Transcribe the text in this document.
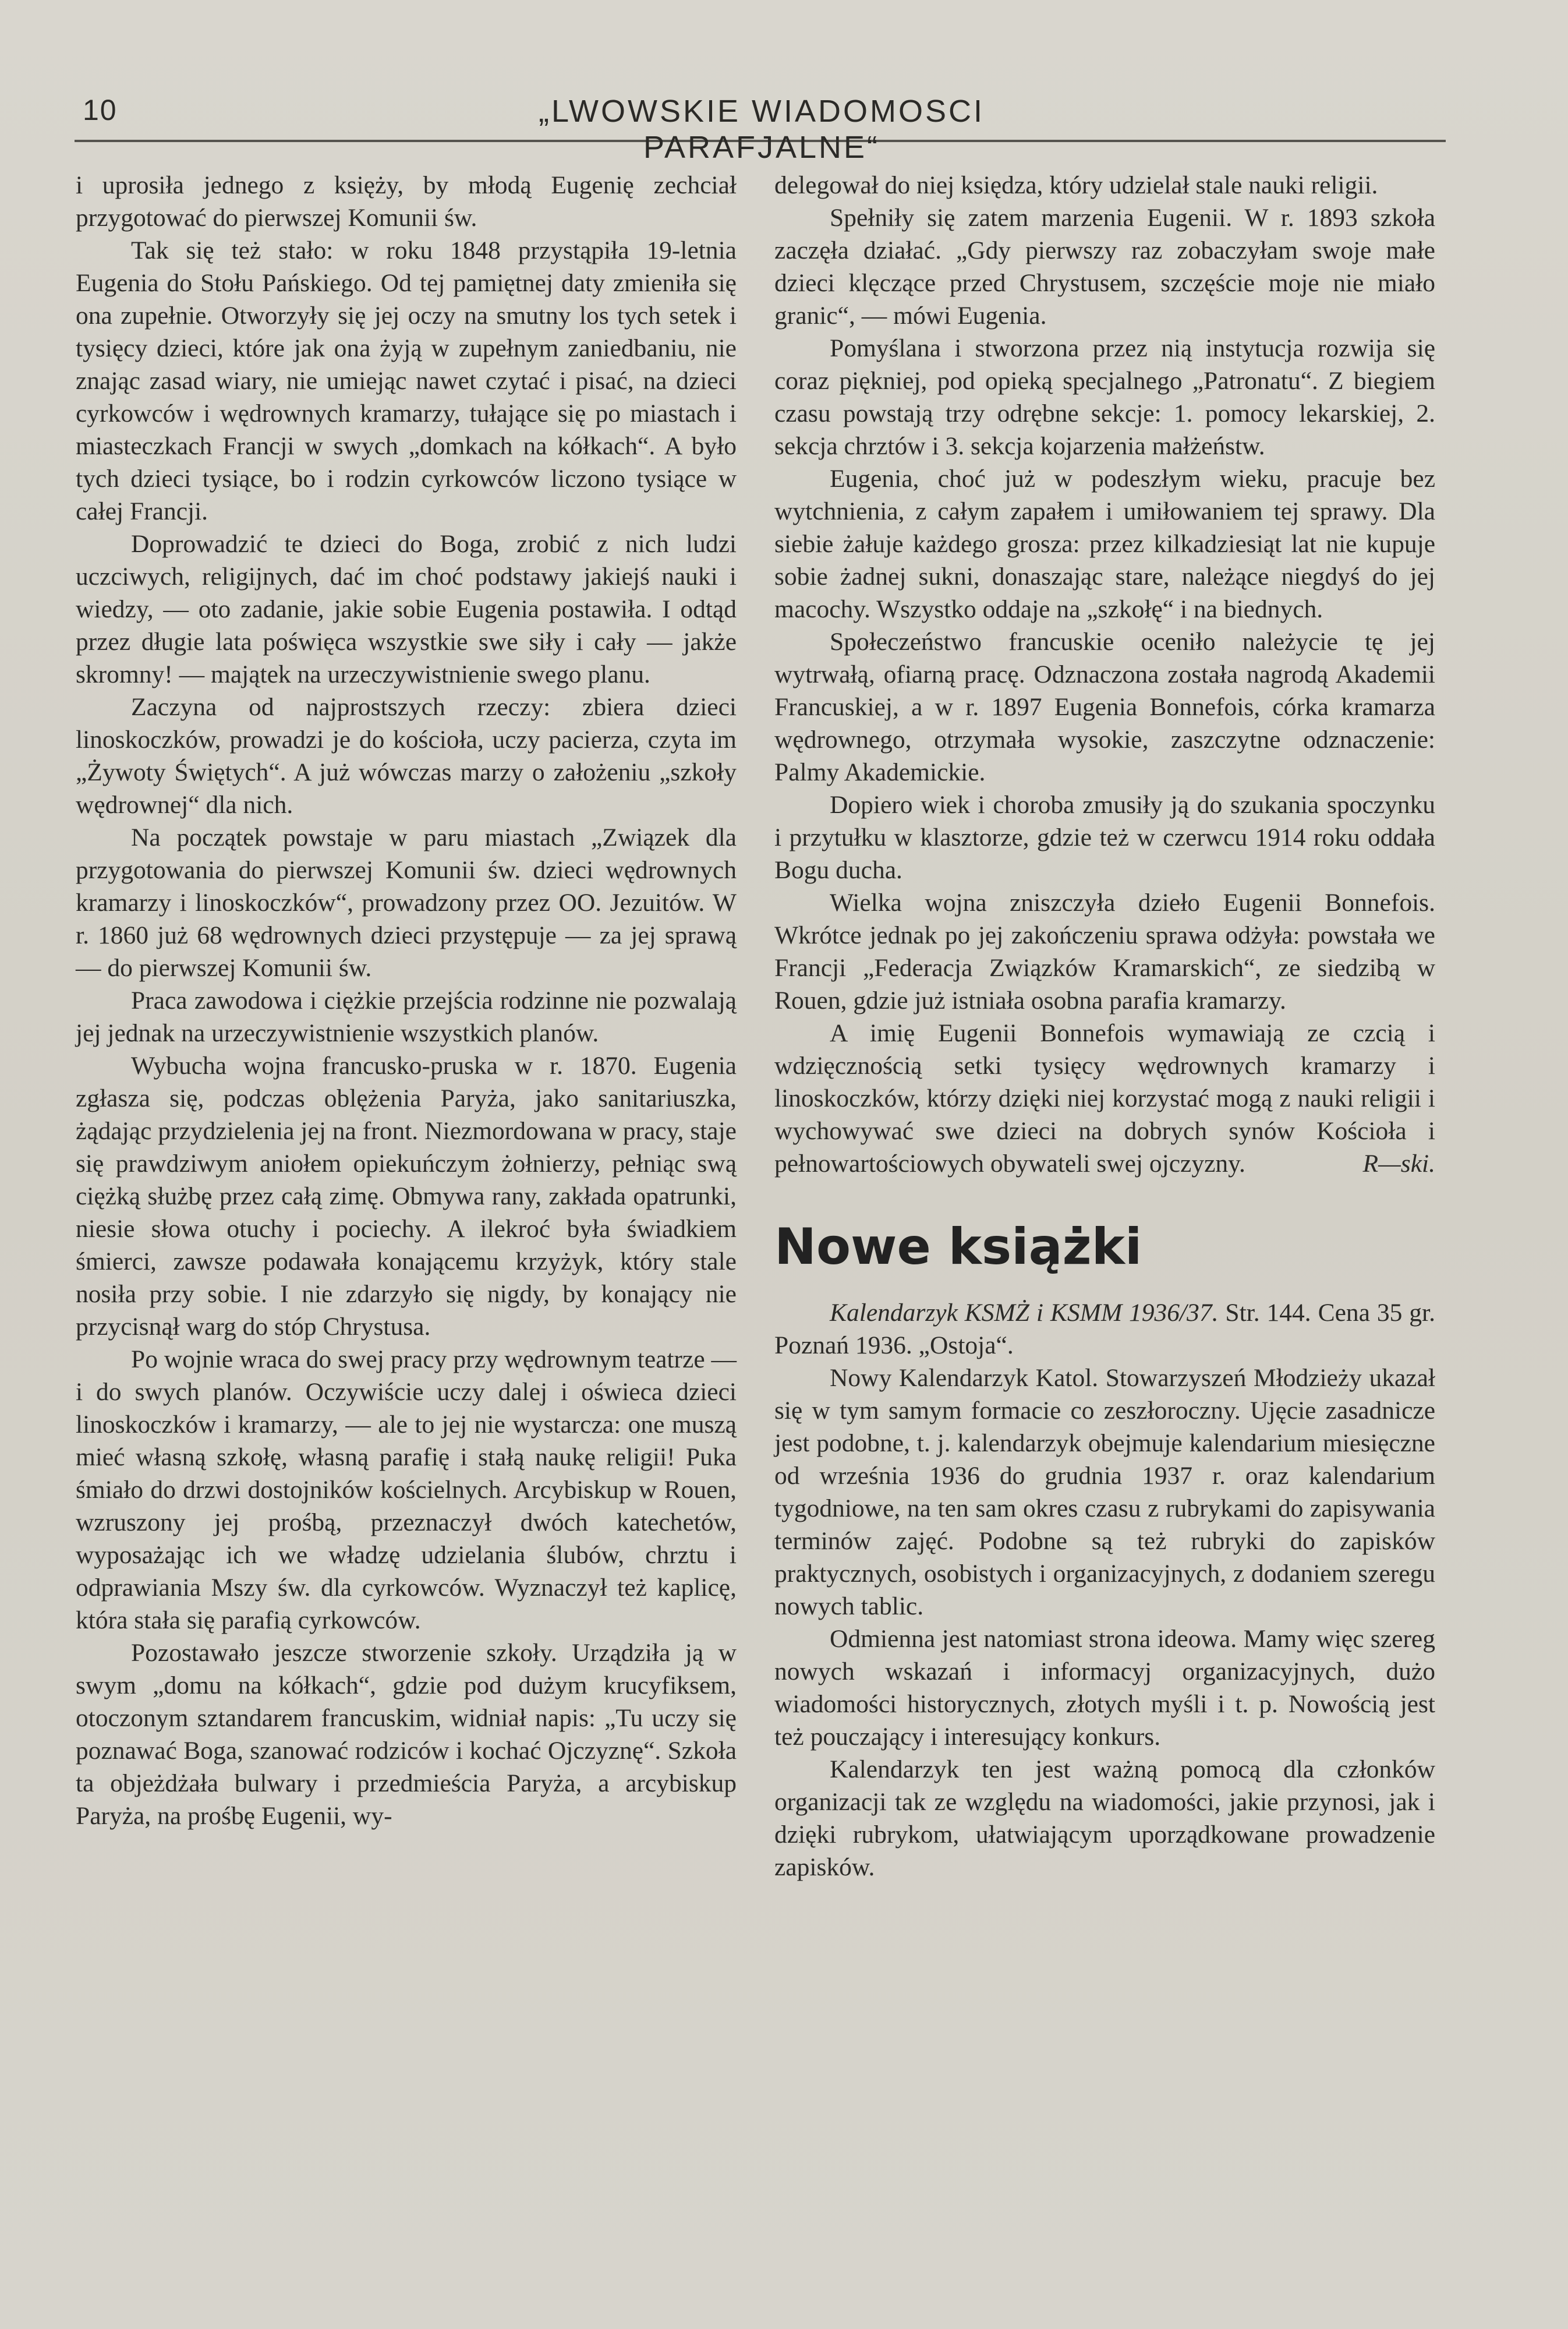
10	„LWOWSKIE WIADOMOSCI PARAFJALNE“

i uprosiła jednego z księży, by młodą Eugenię zechciał przygotować do pierwszej Komunii św.

Tak się też stało: w roku 1848 przystąpiła 19-letnia Eugenia do Stołu Pańskiego. Od tej pamiętnej daty zmieniła się ona zupełnie. Otworzyły się jej oczy na smutny los tych setek i tysięcy dzieci, które jak ona żyją w zupełnym zaniedbaniu, nie znając zasad wiary, nie umiejąc nawet czytać i pisać, na dzieci cyrkowców i wędrownych kramarzy, tułające się po miastach i miasteczkach Francji w swych „domkach na kółkach“. A było tych dzieci tysiące, bo i rodzin cyrkowców liczono tysiące w całej Francji.

Doprowadzić te dzieci do Boga, zrobić z nich ludzi uczciwych, religijnych, dać im choć podstawy jakiejś nauki i wiedzy, — oto zadanie, jakie sobie Eugenia postawiła. I odtąd przez długie lata poświęca wszystkie swe siły i cały — jakże skromny! — majątek na urzeczywistnienie swego planu.

Zaczyna od najprostszych rzeczy: zbiera dzieci linoskoczków, prowadzi je do kościoła, uczy pacierza, czyta im „Żywoty Świętych“. A już wówczas marzy o założeniu „szkoły wędrownej“ dla nich.

Na początek powstaje w paru miastach „Związek dla przygotowania do pierwszej Komunii św. dzieci wędrownych kramarzy i linoskoczków“, prowadzony przez OO. Jezuitów. W r. 1860 już 68 wędrownych dzieci przystępuje — za jej sprawą — do pierwszej Komunii św.

Praca zawodowa i ciężkie przejścia rodzinne nie pozwalają jej jednak na urzeczywistnienie wszystkich planów.

Wybucha wojna francusko-pruska w r. 1870. Eugenia zgłasza się, podczas oblężenia Paryża, jako sanitariuszka, żądając przydzielenia jej na front. Niezmordowana w pracy, staje się prawdziwym aniołem opiekuńczym żołnierzy, pełniąc swą ciężką służbę przez całą zimę. Obmywa rany, zakłada opatrunki, niesie słowa otuchy i pociechy. A ilekroć była świadkiem śmierci, zawsze podawała konającemu krzyżyk, który stale nosiła przy sobie. I nie zdarzyło się nigdy, by konający nie przycisnął warg do stóp Chrystusa.

Po wojnie wraca do swej pracy przy wędrownym teatrze — i do swych planów. Oczywiście uczy dalej i oświeca dzieci linoskoczków i kramarzy, — ale to jej nie wystarcza: one muszą mieć własną szkołę, własną parafię i stałą naukę religii! Puka śmiało do drzwi dostojników kościelnych. Arcybiskup w Rouen, wzruszony jej prośbą, przeznaczył dwóch katechetów, wyposażając ich we władzę udzielania ślubów, chrztu i odprawiania Mszy św. dla cyrkowców. Wyznaczył też kaplicę, która stała się parafią cyrkowców.

Pozostawało jeszcze stworzenie szkoły. Urządziła ją w swym „domu na kółkach“, gdzie pod dużym krucyfiksem, otoczonym sztandarem francuskim, widniał napis: „Tu uczy się poznawać Boga, szanować rodziców i kochać Ojczyznę“. Szkoła ta objeżdżała bulwary i przedmieścia Paryża, a arcybiskup Paryża, na prośbę Eugenii, wy-

delegował do niej księdza, który udzielał stale nauki religii.

Spełniły się zatem marzenia Eugenii. W r. 1893 szkoła zaczęła działać. „Gdy pierwszy raz zobaczyłam swoje małe dzieci klęczące przed Chrystusem, szczęście moje nie miało granic“, — mówi Eugenia.

Pomyślana i stworzona przez nią instytucja rozwija się coraz piękniej, pod opieką specjalnego „Patronatu“. Z biegiem czasu powstają trzy odrębne sekcje: 1. pomocy lekarskiej, 2. sekcja chrztów i 3. sekcja kojarzenia małżeństw.

Eugenia, choć już w podeszłym wieku, pracuje bez wytchnienia, z całym zapałem i umiłowaniem tej sprawy. Dla siebie żałuje każdego grosza: przez kilkadziesiąt lat nie kupuje sobie żadnej sukni, donaszając stare, należące niegdyś do jej macochy. Wszystko oddaje na „szkołę“ i na biednych.

Społeczeństwo francuskie oceniło należycie tę jej wytrwałą, ofiarną pracę. Odznaczona została nagrodą Akademii Francuskiej, a w r. 1897 Eugenia Bonnefois, córka kramarza wędrownego, otrzymała wysokie, zaszczytne odznaczenie: Palmy Akademickie.

Dopiero wiek i choroba zmusiły ją do szukania spoczynku i przytułku w klasztorze, gdzie też w czerwcu 1914 roku oddała Bogu ducha.

Wielka wojna zniszczyła dzieło Eugenii Bonnefois. Wkrótce jednak po jej zakończeniu sprawa odżyła: powstała we Francji „Federacja Związków Kramarskich“, ze siedzibą w Rouen, gdzie już istniała osobna parafia kramarzy.

A imię Eugenii Bonnefois wymawiają ze czcią i wdzięcznością setki tysięcy wędrownych kramarzy i linoskoczków, którzy dzięki niej korzystać mogą z nauki religii i wychowywać swe dzieci na dobrych synów Kościoła i pełnowartościowych obywateli swej ojczyzny.	R—ski.

Nowe książki

Kalendarzyk KSMŻ i KSMM 1936/37. Str. 144. Cena 35 gr. Poznań 1936. „Ostoja“.

Nowy Kalendarzyk Katol. Stowarzyszeń Młodzieży ukazał się w tym samym formacie co zeszłoroczny. Ujęcie zasadnicze jest podobne, t. j. kalendarzyk obejmuje kalendarium miesięczne od września 1936 do grudnia 1937 r. oraz kalendarium tygodniowe, na ten sam okres czasu z rubrykami do zapisywania terminów zajęć. Podobne są też rubryki do zapisków praktycznych, osobistych i organizacyjnych, z dodaniem szeregu nowych tablic.

Odmienna jest natomiast strona ideowa. Mamy więc szereg nowych wskazań i informacyj organizacyjnych, dużo wiadomości historycznych, złotych myśli i t. p. Nowością jest też pouczający i interesujący konkurs.

Kalendarzyk ten jest ważną pomocą dla członków organizacji tak ze względu na wiadomości, jakie przynosi, jak i dzięki rubrykom, ułatwiającym uporządkowane prowadzenie zapisków.
